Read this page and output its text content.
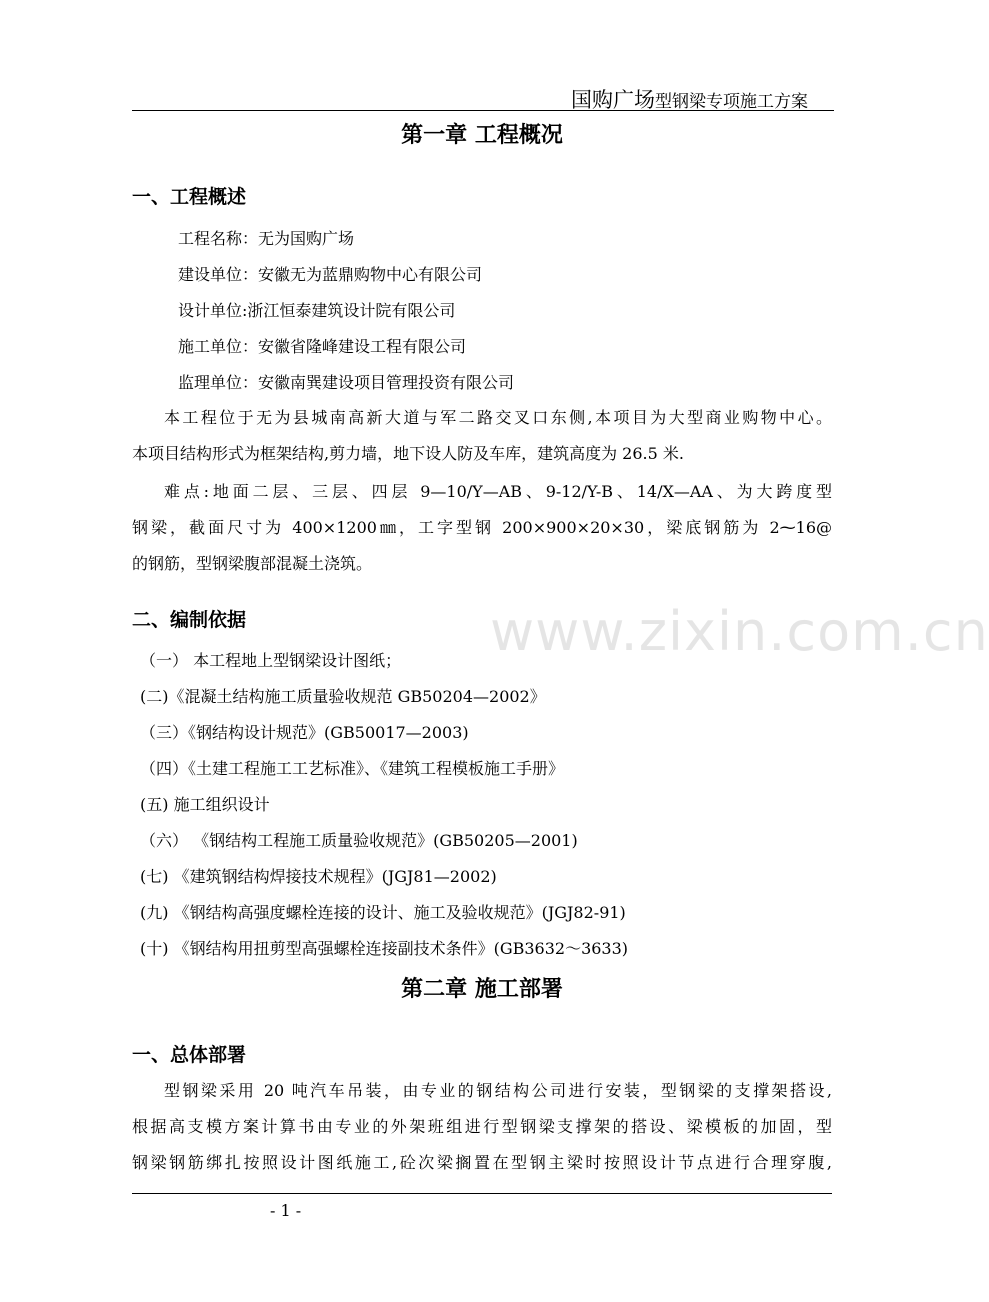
www.zixin.com.cn
国购广场型钢梁专项施工方案
第一章 工程概况
一、工程概述
工程名称：无为国购广场
建设单位：安徽无为蓝鼎购物中心有限公司
设计单位:浙江恒泰建筑设计院有限公司
施工单位：安徽省隆峰建设工程有限公司
监理单位：安徽南巽建设项目管理投资有限公司
本工程位于无为县城南高新大道与军二路交叉口东侧,本项目为大型商业购物中心。
本项目结构形式为框架结构,剪力墙，地下设人防及车库，建筑高度为 26.5 米.
难点:地面二层、三层、四层 9—10/Y—AB、9-12/Y-B、14/X—AA、为大跨度型
钢梁，截面尺寸为 400×1200㎜，工字型钢 200×900×20×30，梁底钢筋为 2⁓16@
的钢筋，型钢梁腹部混凝土浇筑。
二、编制依据
（一） 本工程地上型钢梁设计图纸；
(二)《混凝土结构施工质量验收规范 GB50204—2002》
（三）《钢结构设计规范》(GB50017—2003)
（四）《土建工程施工工艺标准》、《建筑工程模板施工手册》
(五) 施工组织设计
（六） 《钢结构工程施工质量验收规范》(GB50205—2001)
(七) 《建筑钢结构焊接技术规程》(JGJ81—2002)
(九) 《钢结构高强度螺栓连接的设计、施工及验收规范》(JGJ82-91)
(十) 《钢结构用扭剪型高强螺栓连接副技术条件》(GB3632～3633)
第二章 施工部署
一、总体部署
型钢梁采用 20 吨汽车吊装，由专业的钢结构公司进行安装，型钢梁的支撑架搭设,
根据高支模方案计算书由专业的外架班组进行型钢梁支撑架的搭设、梁模板的加固，型
钢梁钢筋绑扎按照设计图纸施工,砼次梁搁置在型钢主梁时按照设计节点进行合理穿腹,
- 1 -
